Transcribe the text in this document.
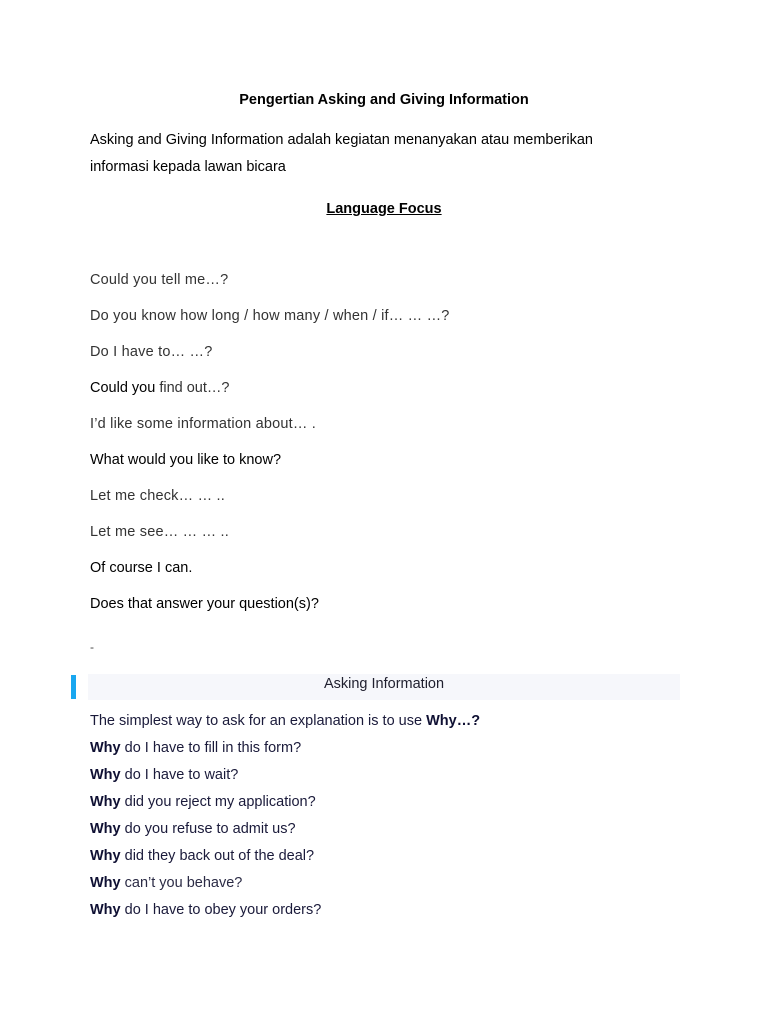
Pengertian Asking and Giving Information
Asking and Giving Information adalah kegiatan menanyakan atau memberikan
informasi kepada lawan bicara
Language Focus
Could you tell me…?
Do you know how long / how many / when / if… … …?
Do I have to… …?
Could you find out…?
I’d like some information about… .
What would you like to know?
Let me check… … ..
Let me see… … … ..
Of course I can.
Does that answer your question(s)?
-
Asking Information
The simplest way to ask for an explanation is to use Why…?
Why do I have to fill in this form?
Why do I have to wait?
Why did you reject my application?
Why do you refuse to admit us?
Why did they back out of the deal?
Why can’t you behave?
Why do I have to obey your orders?
